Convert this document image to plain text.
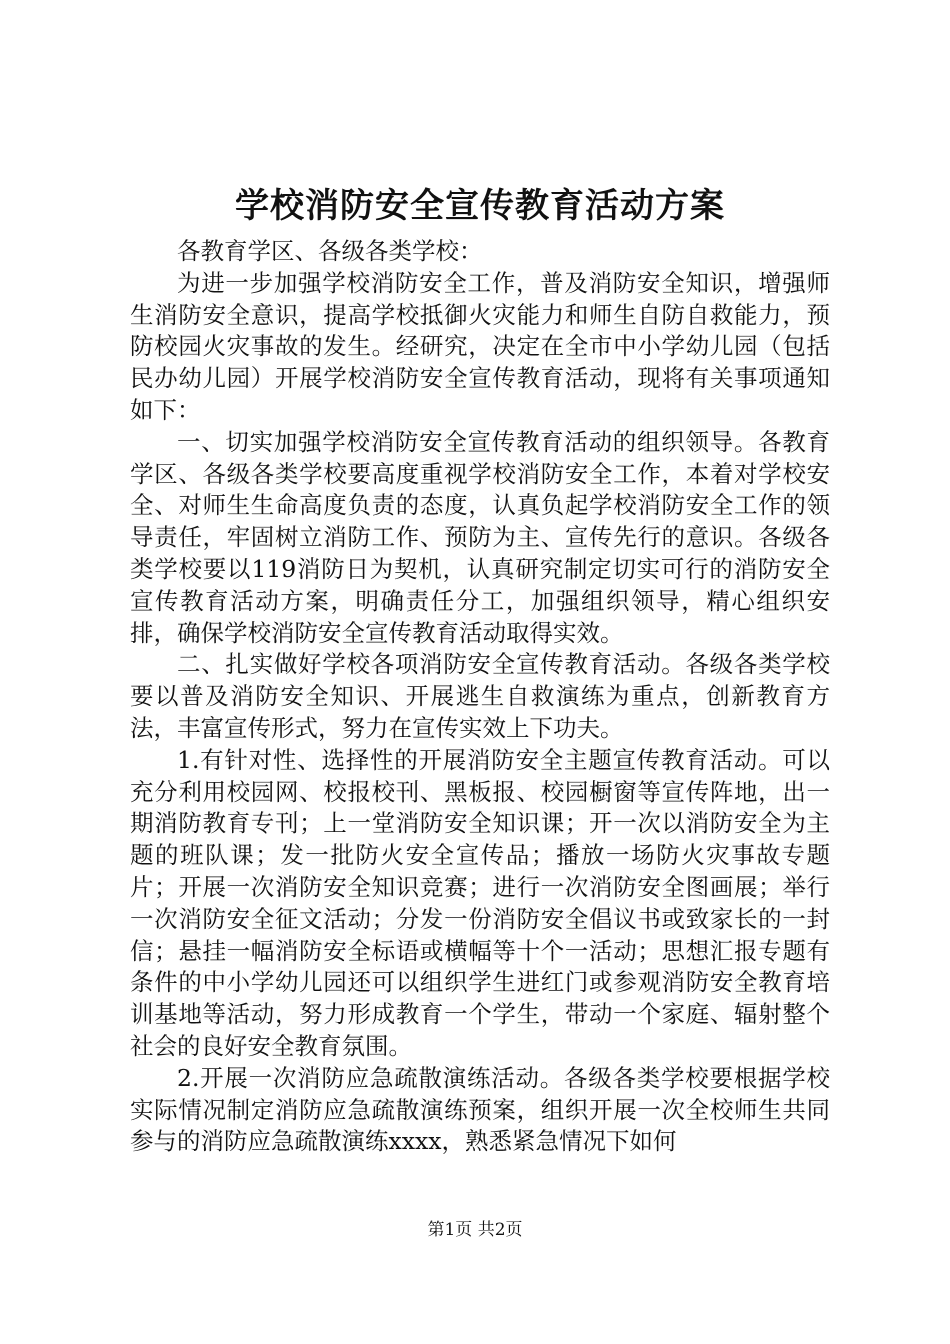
学校消防安全宣传教育活动方案

各教育学区、各级各类学校：

为进一步加强学校消防安全工作，普及消防安全知识，增强师生消防安全意识，提高学校抵御火灾能力和师生自防自救能力，预防校园火灾事故的发生。经研究，决定在全市中小学幼儿园（包括民办幼儿园）开展学校消防安全宣传教育活动，现将有关事项通知如下：

一、切实加强学校消防安全宣传教育活动的组织领导。各教育学区、各级各类学校要高度重视学校消防安全工作，本着对学校安全、对师生生命高度负责的态度，认真负起学校消防安全工作的领导责任，牢固树立消防工作、预防为主、宣传先行的意识。各级各类学校要以119消防日为契机，认真研究制定切实可行的消防安全宣传教育活动方案，明确责任分工，加强组织领导，精心组织安排，确保学校消防安全宣传教育活动取得实效。

二、扎实做好学校各项消防安全宣传教育活动。各级各类学校要以普及消防安全知识、开展逃生自救演练为重点，创新教育方法，丰富宣传形式，努力在宣传实效上下功夫。

1.有针对性、选择性的开展消防安全主题宣传教育活动。可以充分利用校园网、校报校刊、黑板报、校园橱窗等宣传阵地，出一期消防教育专刊；上一堂消防安全知识课；开一次以消防安全为主题的班队课；发一批防火安全宣传品；播放一场防火灾事故专题片；开展一次消防安全知识竞赛；进行一次消防安全图画展；举行一次消防安全征文活动；分发一份消防安全倡议书或致家长的一封信；悬挂一幅消防安全标语或横幅等十个一活动；思想汇报专题有条件的中小学幼儿园还可以组织学生进红门或参观消防安全教育培训基地等活动，努力形成教育一个学生，带动一个家庭、辐射整个社会的良好安全教育氛围。

2.开展一次消防应急疏散演练活动。各级各类学校要根据学校实际情况制定消防应急疏散演练预案，组织开展一次全校师生共同参与的消防应急疏散演练xxxx，熟悉紧急情况下如何

第1页 共2页
